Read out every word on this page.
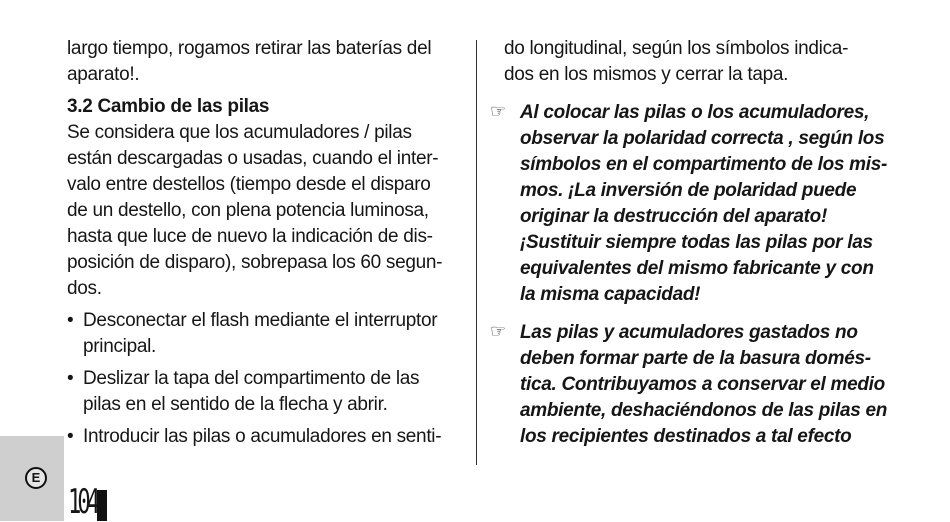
largo tiempo, rogamos retirar las baterías del

aparato!.

3.2 Cambio de las pilas

Se considera que los acumuladores / pilas

están descargadas o usadas, cuando el inter-

valo entre destellos (tiempo desde el disparo

de un destello, con plena potencia luminosa,

hasta que luce de nuevo la indicación de dis-

posición de disparo), sobrepasa los 60 segun-

dos.

• Desconectar el flash mediante el interruptor

principal.

• Deslizar la tapa del compartimento de las

pilas en el sentido de la flecha y abrir.

• Introducir las pilas o acumuladores en senti-

do longitudinal, según los símbolos indica-

dos en los mismos y cerrar la tapa.

☞ Al colocar las pilas o los acumuladores,

observar la polaridad correcta , según los

símbolos en el compartimento de los mis-

mos. ¡La inversión de polaridad puede

originar la destrucción del aparato!

¡Sustituir siempre todas las pilas por las

equivalentes del mismo fabricante y con

la misma capacidad!

☞ Las pilas y acumuladores gastados no

deben formar parte de la basura domés-

tica. Contribuyamos a conservar el medio

ambiente, deshaciéndonos de las pilas en

los recipientes destinados a tal efecto

E
104
